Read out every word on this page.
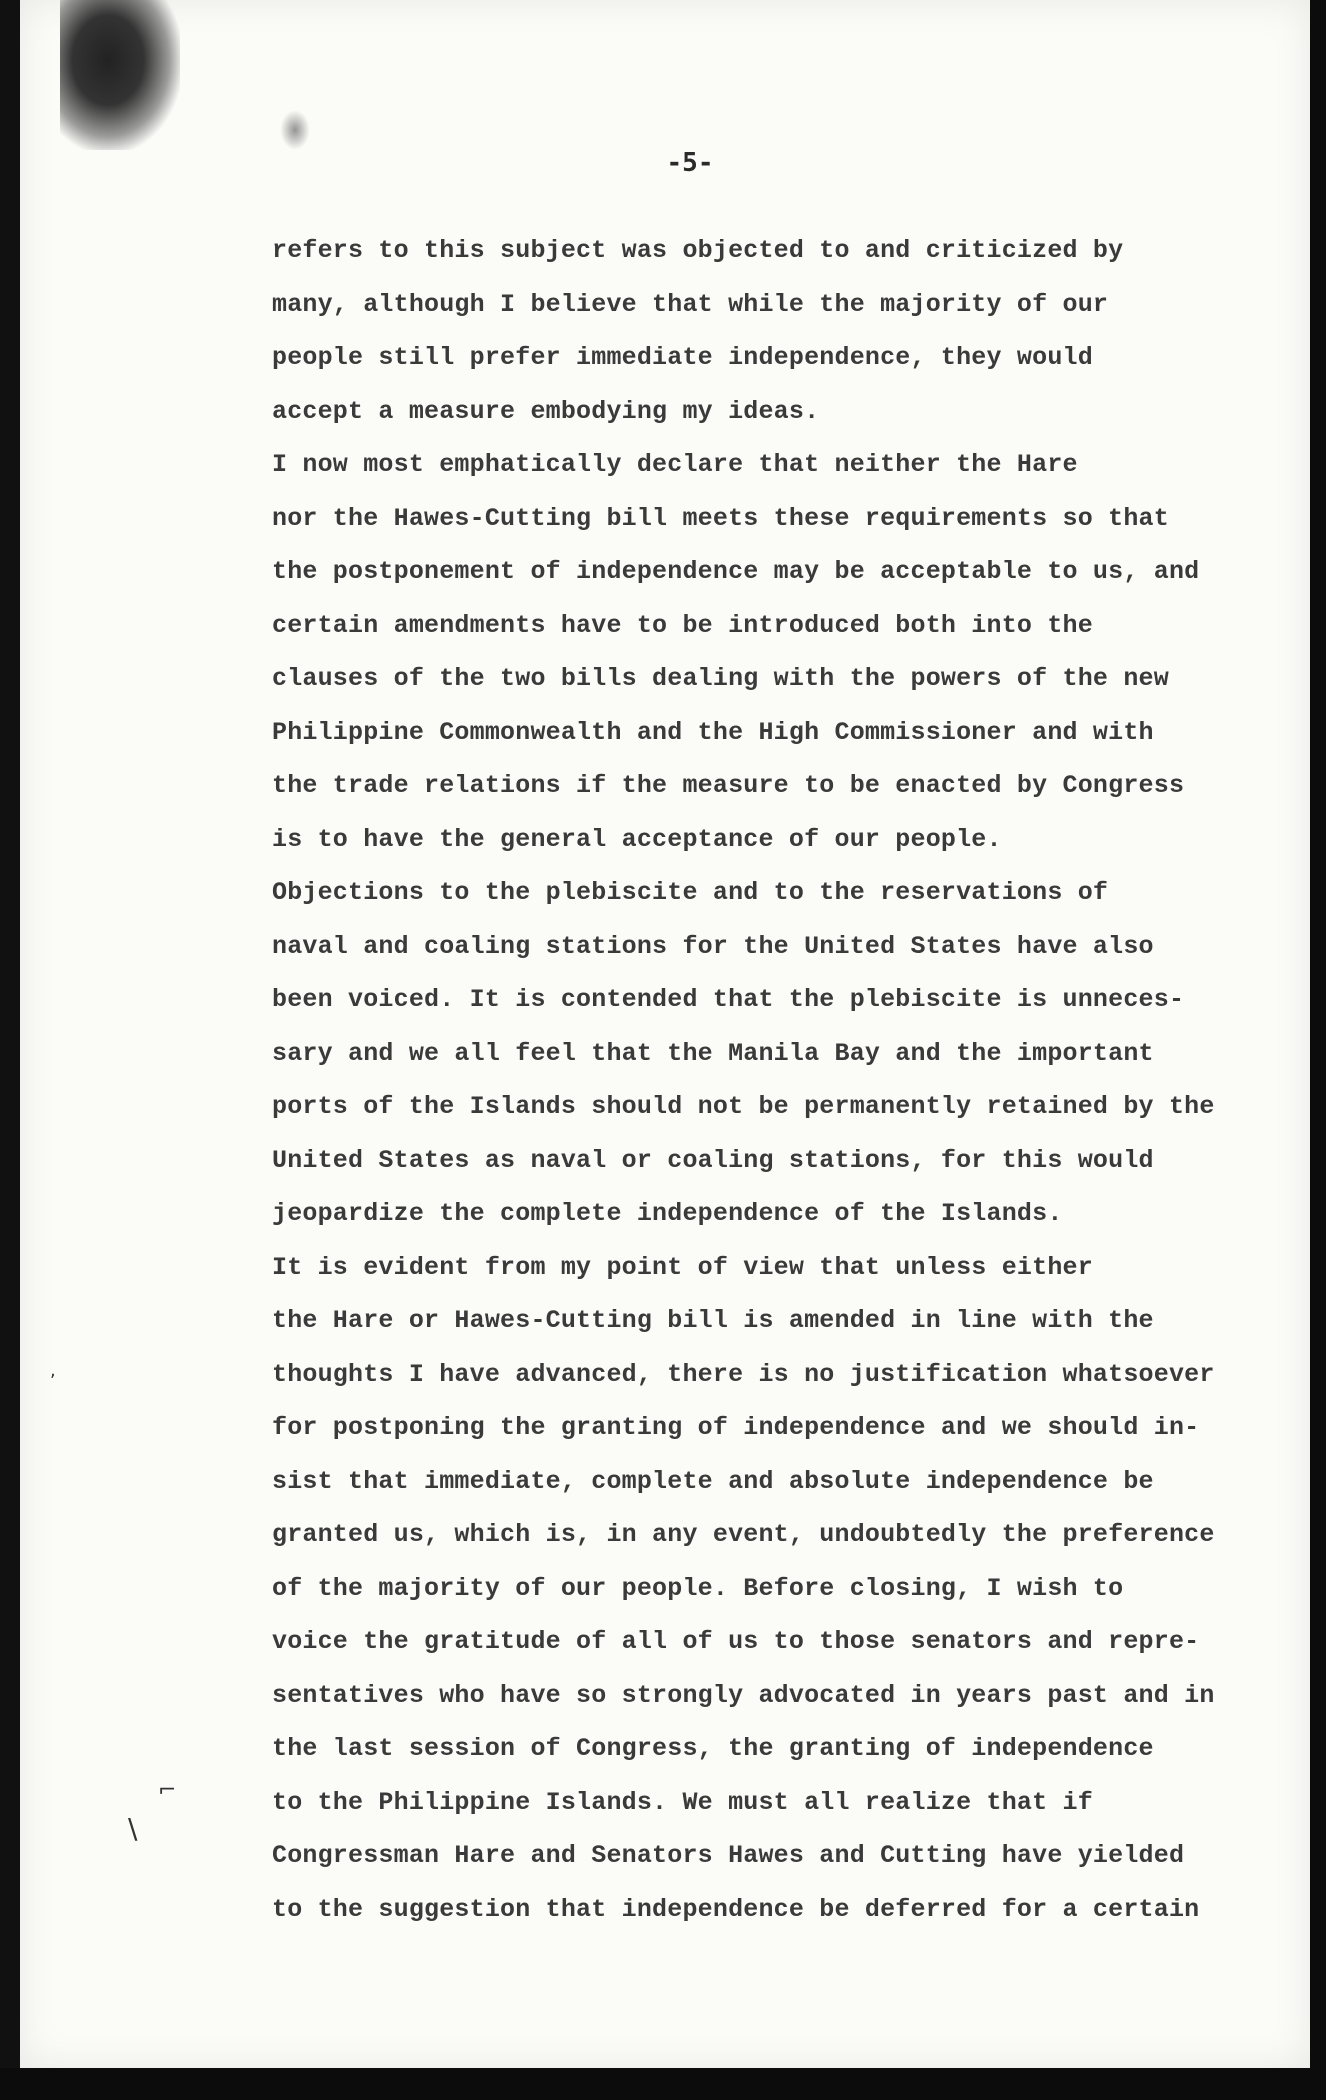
-5-
refers to this subject was objected to and criticized by
many, although I believe that while the majority of our
people still prefer immediate independence, they would
accept a measure embodying my ideas.
I now most emphatically declare that neither the Hare
nor the Hawes-Cutting bill meets these requirements so that
the postponement of independence may be acceptable to us, and
certain amendments have to be introduced both into the
clauses of the two bills dealing with the powers of the new
Philippine Commonwealth and the High Commissioner and with
the trade relations if the measure to be enacted by Congress
is to have the general acceptance of our people.
Objections to the plebiscite and to the reservations of
naval and coaling stations for the United States have also
been voiced. It is contended that the plebiscite is unneces-
sary and we all feel that the Manila Bay and the important
ports of the Islands should not be permanently retained by the
United States as naval or coaling stations, for this would
jeopardize the complete independence of the Islands.
It is evident from my point of view that unless either
the Hare or Hawes-Cutting bill is amended in line with the
thoughts I have advanced, there is no justification whatsoever
for postponing the granting of independence and we should in-
sist that immediate, complete and absolute independence be
granted us, which is, in any event, undoubtedly the preference
of the majority of our people. Before closing, I wish to
voice the gratitude of all of us to those senators and repre-
sentatives who have so strongly advocated in years past and in
the last session of Congress, the granting of independence
to the Philippine Islands. We must all realize that if
Congressman Hare and Senators Hawes and Cutting have yielded
to the suggestion that independence be deferred for a certain
⌐
\
,
